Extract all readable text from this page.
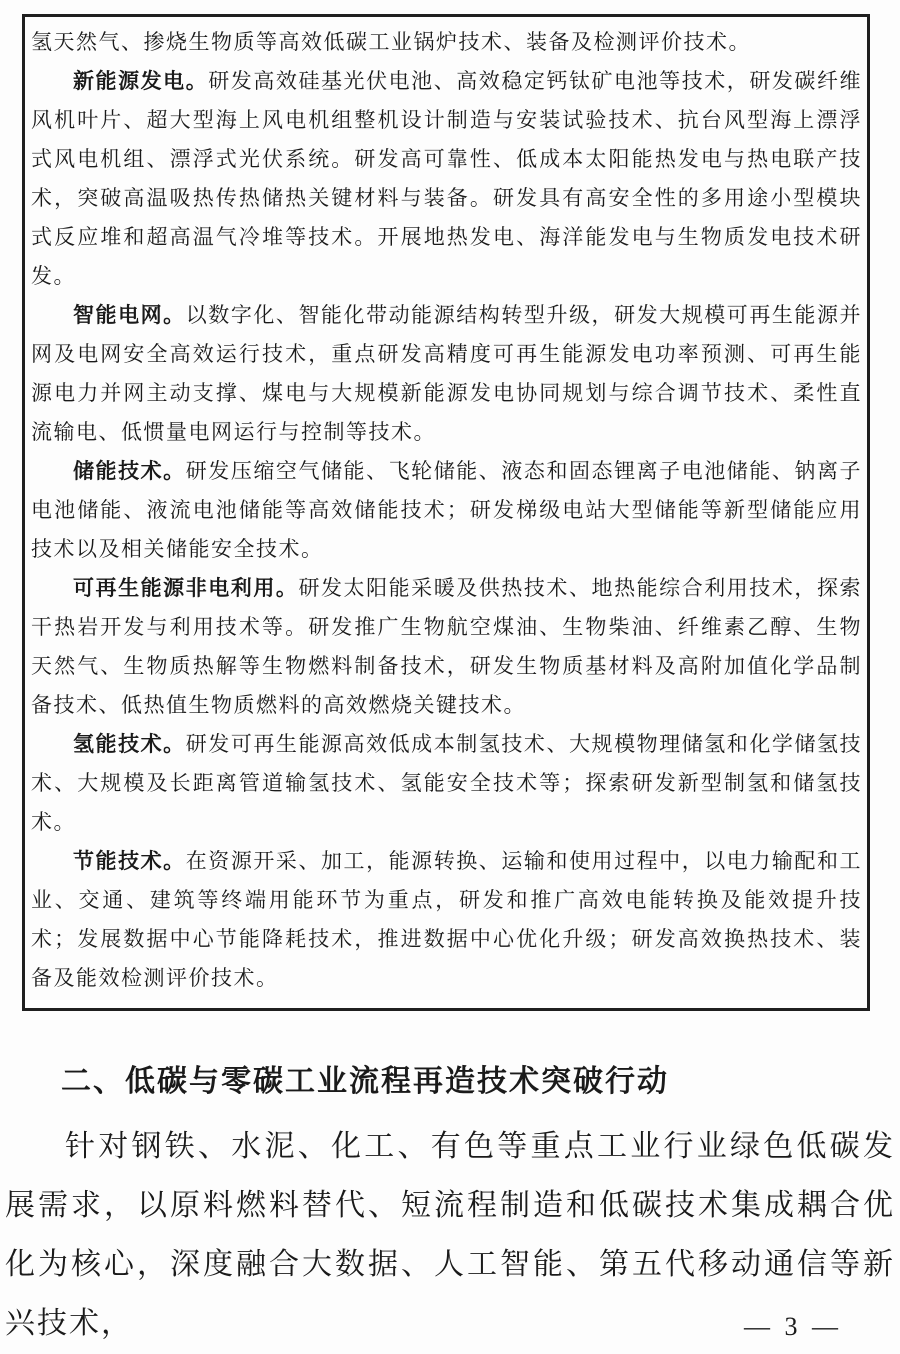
氢天然气、掺烧生物质等高效低碳工业锅炉技术、装备及检测评价技术。

新能源发电。研发高效硅基光伏电池、高效稳定钙钛矿电池等技术，研发碳纤维风机叶片、超大型海上风电机组整机设计制造与安装试验技术、抗台风型海上漂浮式风电机组、漂浮式光伏系统。研发高可靠性、低成本太阳能热发电与热电联产技术，突破高温吸热传热储热关键材料与装备。研发具有高安全性的多用途小型模块式反应堆和超高温气冷堆等技术。开展地热发电、海洋能发电与生物质发电技术研发。

智能电网。以数字化、智能化带动能源结构转型升级，研发大规模可再生能源并网及电网安全高效运行技术，重点研发高精度可再生能源发电功率预测、可再生能源电力并网主动支撑、煤电与大规模新能源发电协同规划与综合调节技术、柔性直流输电、低惯量电网运行与控制等技术。

储能技术。研发压缩空气储能、飞轮储能、液态和固态锂离子电池储能、钠离子电池储能、液流电池储能等高效储能技术；研发梯级电站大型储能等新型储能应用技术以及相关储能安全技术。

可再生能源非电利用。研发太阳能采暖及供热技术、地热能综合利用技术，探索干热岩开发与利用技术等。研发推广生物航空煤油、生物柴油、纤维素乙醇、生物天然气、生物质热解等生物燃料制备技术，研发生物质基材料及高附加值化学品制备技术、低热值生物质燃料的高效燃烧关键技术。

氢能技术。研发可再生能源高效低成本制氢技术、大规模物理储氢和化学储氢技术、大规模及长距离管道输氢技术、氢能安全技术等；探索研发新型制氢和储氢技术。

节能技术。在资源开采、加工，能源转换、运输和使用过程中，以电力输配和工业、交通、建筑等终端用能环节为重点，研发和推广高效电能转换及能效提升技术；发展数据中心节能降耗技术，推进数据中心优化升级；研发高效换热技术、装备及能效检测评价技术。

二、低碳与零碳工业流程再造技术突破行动

针对钢铁、水泥、化工、有色等重点工业行业绿色低碳发展需求，以原料燃料替代、短流程制造和低碳技术集成耦合优化为核心，深度融合大数据、人工智能、第五代移动通信等新兴技术，	— 3 —
